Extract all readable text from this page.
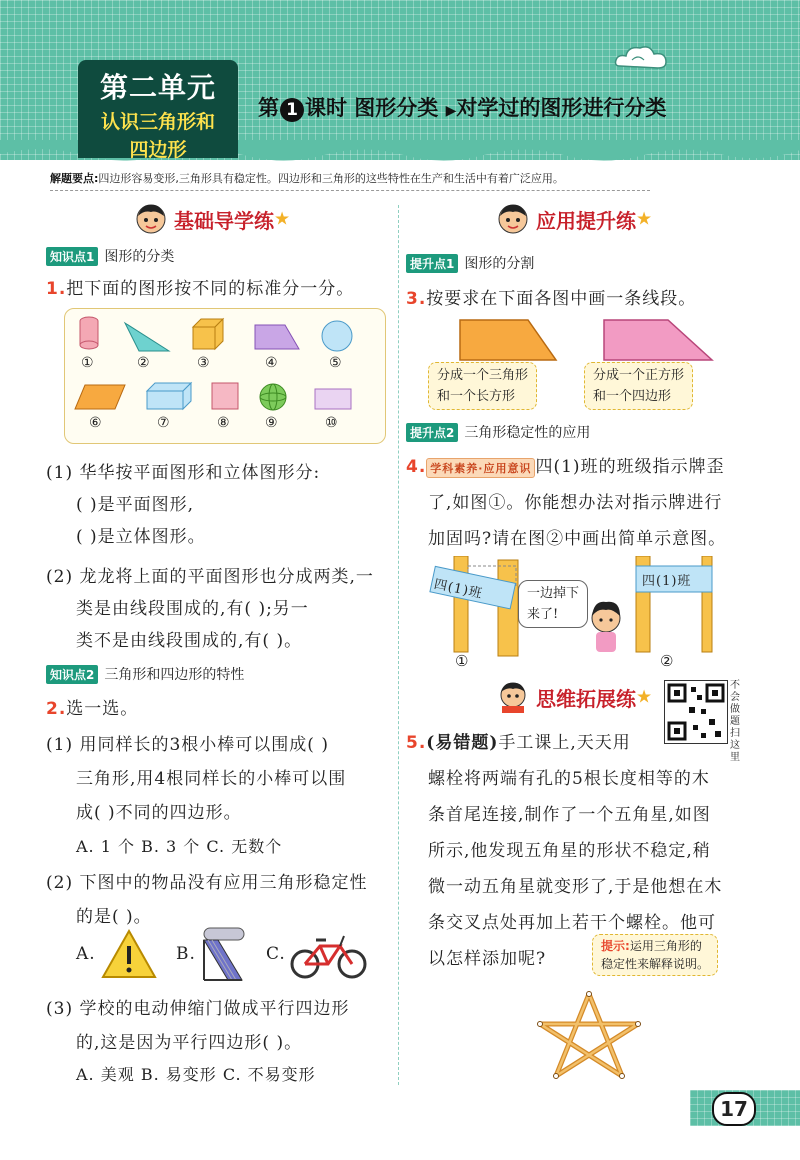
第二单元
认识三角形和
四边形
第 1 课时 图形分类 ▶对学过的图形进行分类
解题要点:四边形容易变形,三角形具有稳定性。四边形和三角形的这些特性在生产和生活中有着广泛应用。
基础导学练★
知识点1 图形的分类
1.把下面的图形按不同的标准分一分。
①	②	③	④	⑤
⑥	⑦	⑧	⑨	⑩
(1) 华华按平面图形和立体图形分:
( )是平面图形,
( )是立体图形。
(2) 龙龙将上面的平面图形也分成两类,一
类是由线段围成的,有( );另一
类不是由线段围成的,有( )。
知识点2 三角形和四边形的特性
2.选一选。
(1) 用同样长的3根小棒可以围成( )
三角形,用4根同样长的小棒可以围
成( )不同的四边形。
A. 1 个 B. 3 个 C. 无数个
(2) 下图中的物品没有应用三角形稳定性
的是( )。
A.	B.	C.
(3) 学校的电动伸缩门做成平行四边形
的,这是因为平行四边形( )。
A. 美观 B. 易变形 C. 不易变形
应用提升练★
提升点1 图形的分割
3.按要求在下面各图中画一条线段。
分成一个三角形
和一个长方形
分成一个正方形
和一个四边形
提升点2 三角形稳定性的应用
4. 学科素养·应用意识 四(1)班的班级指示牌歪
了,如图①。你能想办法对指示牌进行
加固吗?请在图②中画出简单示意图。
四(1)班	四(1)班
一边掉下
来了!
①	②
思维拓展练★
不会做题扫这里
5.(易错题)手工课上,天天用
螺栓将两端有孔的5根长度相等的木
条首尾连接,制作了一个五角星,如图
所示,他发现五角星的形状不稳定,稍
微一动五角星就变形了,于是他想在木
条交叉点处再加上若干个螺栓。他可
以怎样添加呢?
提示:运用三角形的
稳定性来解释说明。
17
